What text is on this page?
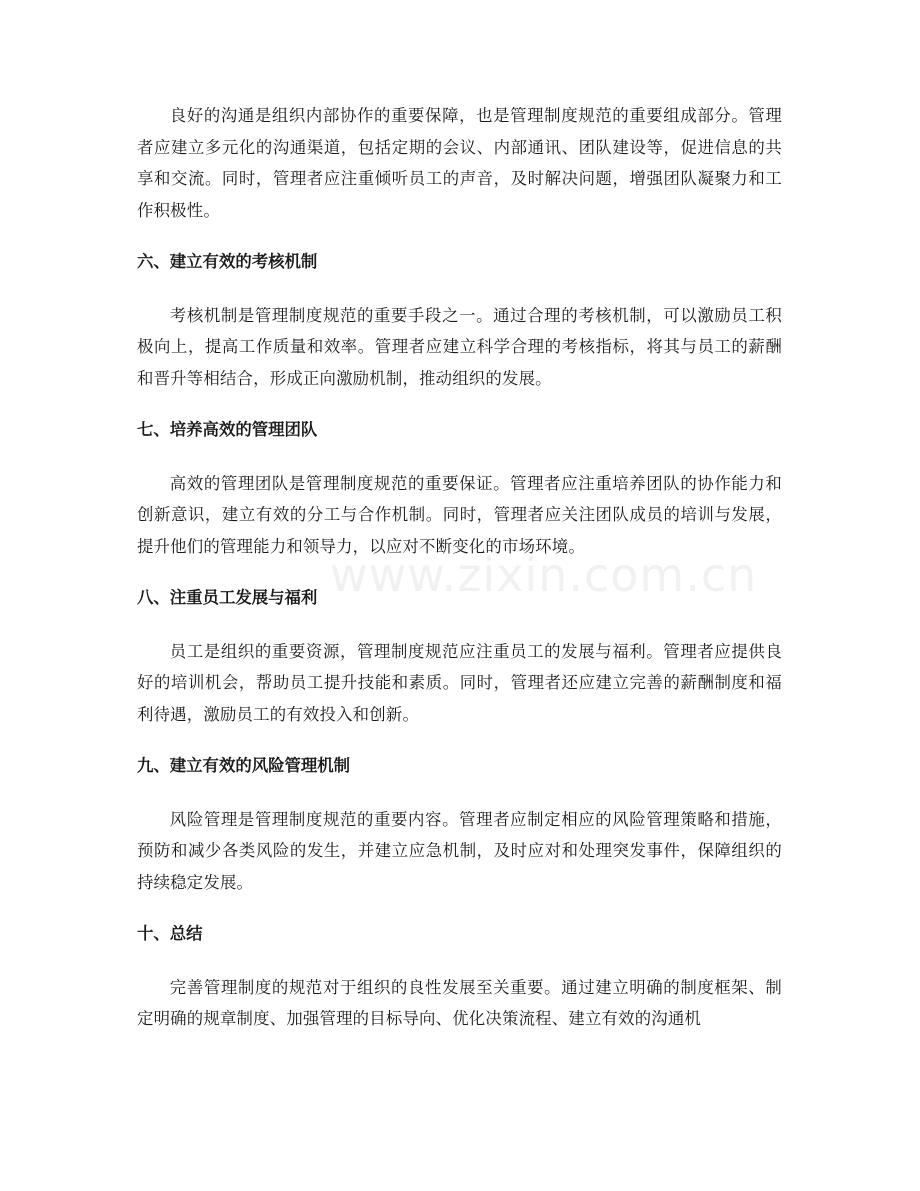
良好的沟通是组织内部协作的重要保障，也是管理制度规范的重要组成部分。管理者应建立多元化的沟通渠道，包括定期的会议、内部通讯、团队建设等，促进信息的共享和交流。同时，管理者应注重倾听员工的声音，及时解决问题，增强团队凝聚力和工作积极性。

六、建立有效的考核机制

考核机制是管理制度规范的重要手段之一。通过合理的考核机制，可以激励员工积极向上，提高工作质量和效率。管理者应建立科学合理的考核指标，将其与员工的薪酬和晋升等相结合，形成正向激励机制，推动组织的发展。

七、培养高效的管理团队

高效的管理团队是管理制度规范的重要保证。管理者应注重培养团队的协作能力和创新意识，建立有效的分工与合作机制。同时，管理者应关注团队成员的培训与发展，提升他们的管理能力和领导力，以应对不断变化的市场环境。

八、注重员工发展与福利

员工是组织的重要资源，管理制度规范应注重员工的发展与福利。管理者应提供良好的培训机会，帮助员工提升技能和素质。同时，管理者还应建立完善的薪酬制度和福利待遇，激励员工的有效投入和创新。

九、建立有效的风险管理机制

风险管理是管理制度规范的重要内容。管理者应制定相应的风险管理策略和措施，预防和减少各类风险的发生，并建立应急机制，及时应对和处理突发事件，保障组织的持续稳定发展。

十、总结

完善管理制度的规范对于组织的良性发展至关重要。通过建立明确的制度框架、制定明确的规章制度、加强管理的目标导向、优化决策流程、建立有效的沟通机

www.zixin.com.cn
